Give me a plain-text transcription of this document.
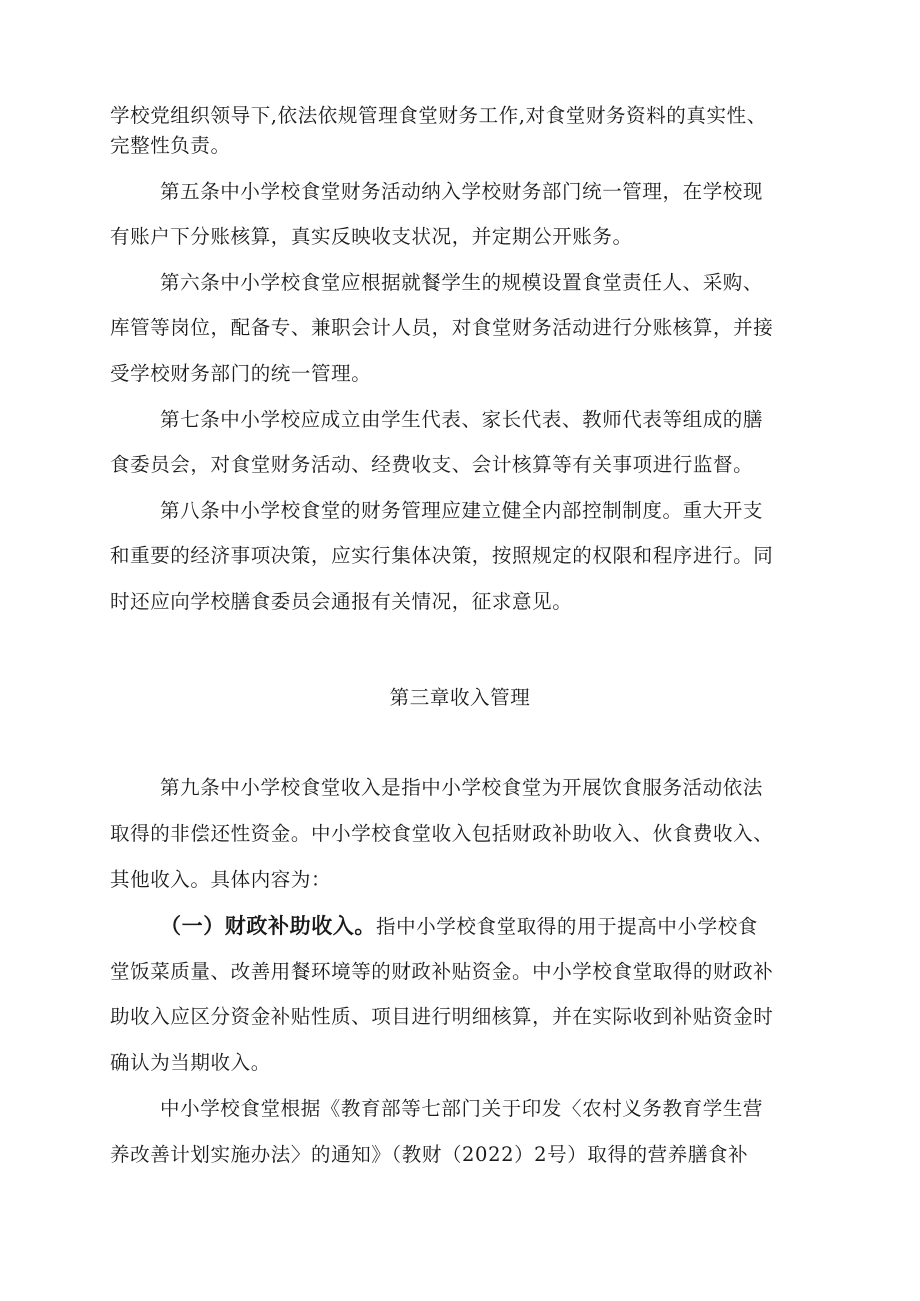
学校党组织领导下,依法依规管理食堂财务工作,对食堂财务资料的真实性、
完整性负责。
第五条中小学校食堂财务活动纳入学校财务部门统一管理，在学校现
有账户下分账核算，真实反映收支状况，并定期公开账务。
第六条中小学校食堂应根据就餐学生的规模设置食堂责任人、采购、
库管等岗位，配备专、兼职会计人员，对食堂财务活动进行分账核算，并接
受学校财务部门的统一管理。
第七条中小学校应成立由学生代表、家长代表、教师代表等组成的膳
食委员会，对食堂财务活动、经费收支、会计核算等有关事项进行监督。
第八条中小学校食堂的财务管理应建立健全内部控制制度。重大开支
和重要的经济事项决策，应实行集体决策，按照规定的权限和程序进行。同
时还应向学校膳食委员会通报有关情况，征求意见。
第三章收入管理
第九条中小学校食堂收入是指中小学校食堂为开展饮食服务活动依法
取得的非偿还性资金。中小学校食堂收入包括财政补助收入、伙食费收入、
其他收入。具体内容为：
（一）财政补助收入。指中小学校食堂取得的用于提高中小学校食
堂饭菜质量、改善用餐环境等的财政补贴资金。中小学校食堂取得的财政补
助收入应区分资金补贴性质、项目进行明细核算，并在实际收到补贴资金时
确认为当期收入。
中小学校食堂根据《教育部等七部门关于印发〈农村义务教育学生营
养改善计划实施办法〉的通知》（教财（2022）2号）取得的营养膳食补
